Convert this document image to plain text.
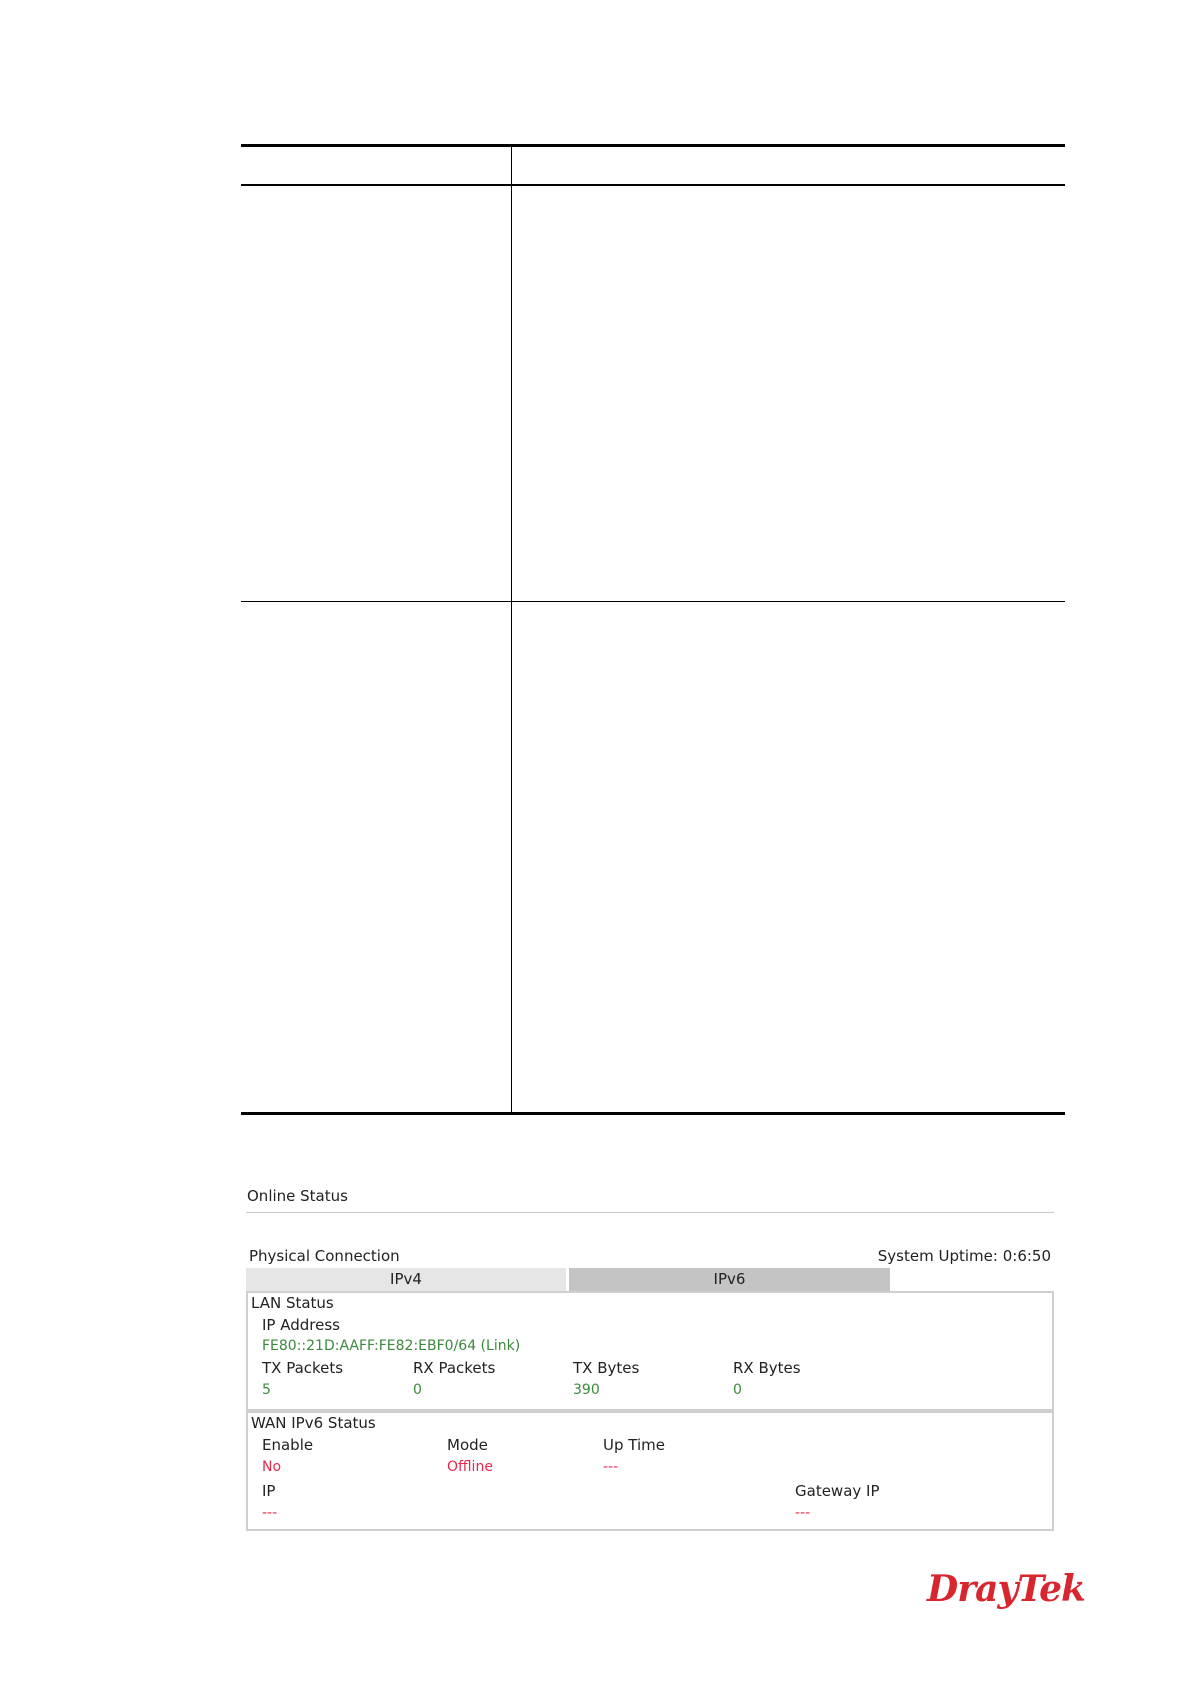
Online Status
Physical Connection	System Uptime: 0:6:50
IPv4	IPv6
LAN Status
IP Address
FE80::21D:AAFF:FE82:EBF0/64 (Link)
TX Packets	RX Packets	TX Bytes	RX Bytes
5	0	390	0
WAN IPv6 Status
Enable	Mode	Up Time
No	Offline	---
IP	Gateway IP
---	---
DrayTek
